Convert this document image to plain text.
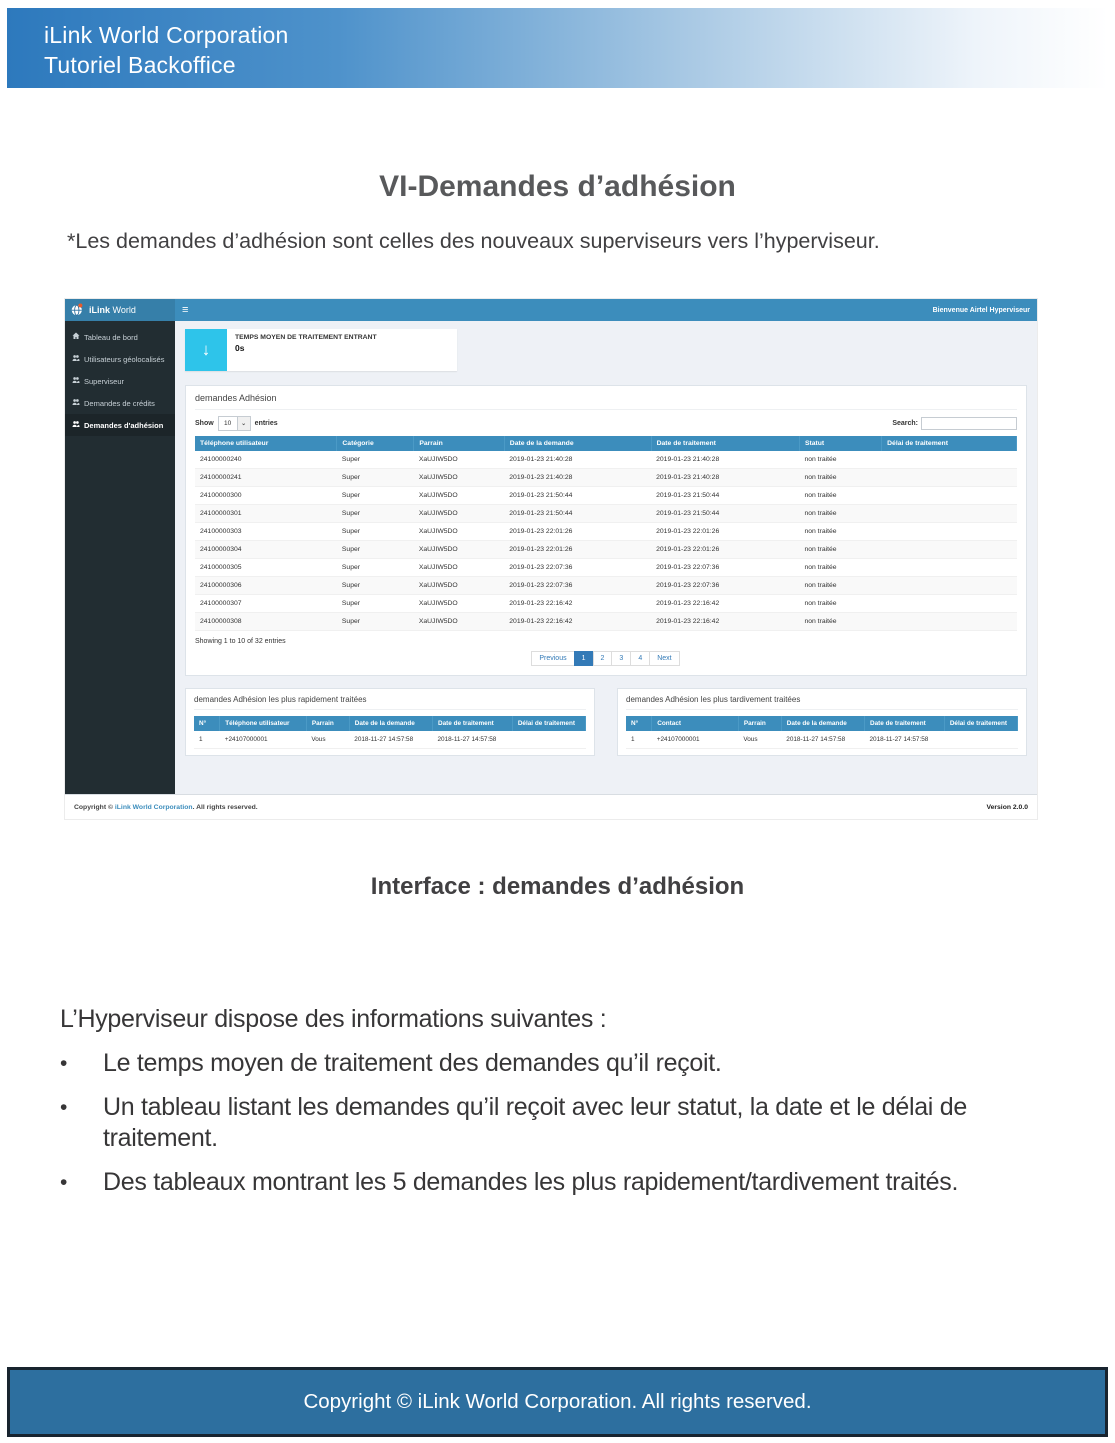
iLink World Corporation
Tutoriel Backoffice
VI-Demandes d’adhésion

*Les demandes d’adhésion sont celles des nouveaux superviseurs vers l’hyperviseur.

iLink World	≡	Bienvenue Airtel Hyperviseur
Tableau de bord
Utilisateurs géolocalisés
Superviseur
Demandes de crédits
Demandes d'adhésion
↓
TEMPS MOYEN DE TRAITEMENT ENTRANT
0s
demandes Adhésion
Show	10	⌄	entries	Search:
Téléphone utilisateur	Catégorie	Parrain	Date de la demande	Date de traitement	Statut	Délai de traitement
24100000240	Super	XaUJIW5DO	2019-01-23 21:40:28	2019-01-23 21:40:28	non traitée	
24100000241	Super	XaUJIW5DO	2019-01-23 21:40:28	2019-01-23 21:40:28	non traitée	
24100000300	Super	XaUJIW5DO	2019-01-23 21:50:44	2019-01-23 21:50:44	non traitée	
24100000301	Super	XaUJIW5DO	2019-01-23 21:50:44	2019-01-23 21:50:44	non traitée	
24100000303	Super	XaUJIW5DO	2019-01-23 22:01:26	2019-01-23 22:01:26	non traitée	
24100000304	Super	XaUJIW5DO	2019-01-23 22:01:26	2019-01-23 22:01:26	non traitée	
24100000305	Super	XaUJIW5DO	2019-01-23 22:07:36	2019-01-23 22:07:36	non traitée	
24100000306	Super	XaUJIW5DO	2019-01-23 22:07:36	2019-01-23 22:07:36	non traitée	
24100000307	Super	XaUJIW5DO	2019-01-23 22:16:42	2019-01-23 22:16:42	non traitée	
24100000308	Super	XaUJIW5DO	2019-01-23 22:16:42	2019-01-23 22:16:42	non traitée	
Showing 1 to 10 of 32 entries
Previous	1	2	3	4	Next
demandes Adhésion les plus rapidement traitées
N°	Téléphone utilisateur	Parrain	Date de la demande	Date de traitement	Délai de traitement
1	+24107000001	Vous	2018-11-27 14:57:58	2018-11-27 14:57:58	
demandes Adhésion les plus tardivement traitées
N°	Contact	Parrain	Date de la demande	Date de traitement	Délai de traitement
1	+24107000001	Vous	2018-11-27 14:57:58	2018-11-27 14:57:58	
Copyright © iLink World Corporation. All rights reserved.	Version 2.0.0
Interface : demandes d’adhésion

L’Hyperviseur dispose des informations suivantes :

•	Le temps moyen de traitement des demandes qu’il reçoit.
•	Un tableau listant les demandes qu’il reçoit avec leur statut, la date et le délai de traitement.
•	Des tableaux montrant les 5 demandes les plus rapidement/tardivement traités.
Copyright © iLink World Corporation. All rights reserved.
